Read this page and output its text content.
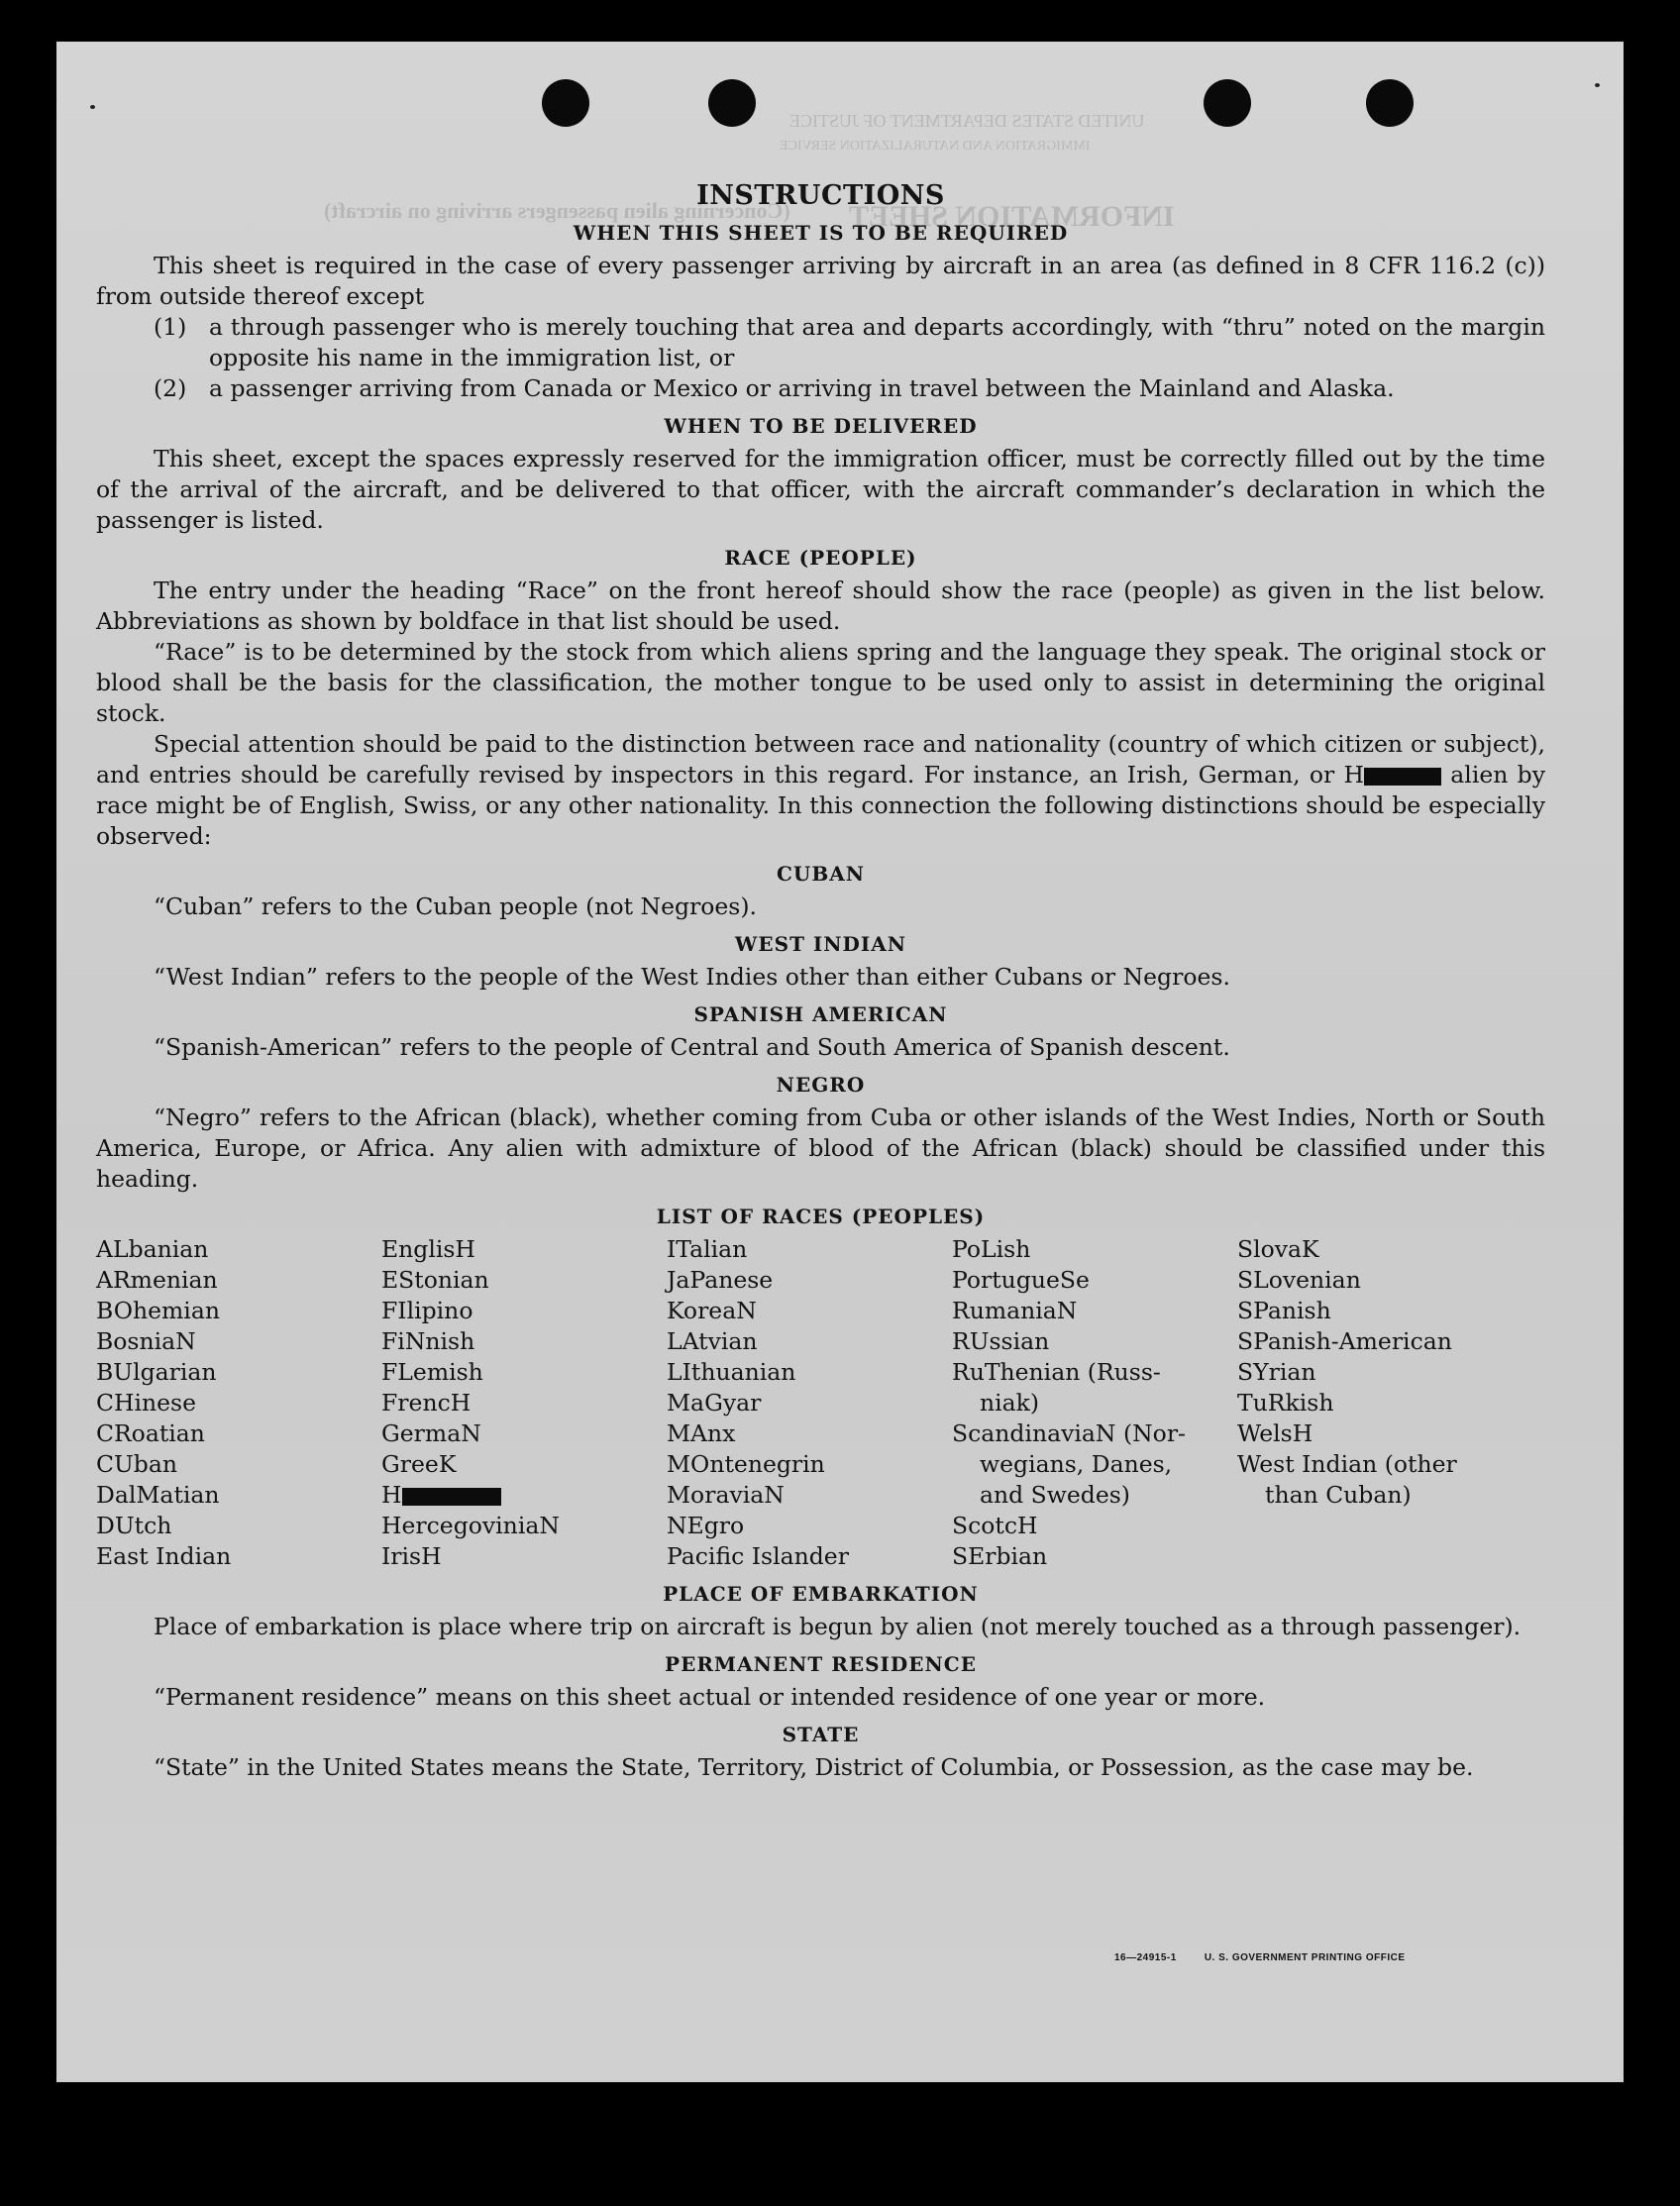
UNITED STATES DEPARTMENT OF JUSTICE
IMMIGRATION AND NATURALIZATION SERVICE
INFORMATION SHEET
(Concerning alien passengers arriving on aircraft)
INSTRUCTIONS
WHEN THIS SHEET IS TO BE REQUIRED

This sheet is required in the case of every passenger arriving by aircraft in an area (as defined in 8 CFR 116.2 (c)) from outside thereof except

(1) a through passenger who is merely touching that area and departs accordingly, with “thru” noted on the margin opposite his name in the immigration list, or
(2) a passenger arriving from Canada or Mexico or arriving in travel between the Mainland and Alaska.
WHEN TO BE DELIVERED

This sheet, except the spaces expressly reserved for the immigration officer, must be correctly filled out by the time of the arrival of the aircraft, and be delivered to that officer, with the aircraft commander’s declaration in which the passenger is listed.

RACE (PEOPLE)

The entry under the heading “Race” on the front hereof should show the race (people) as given in the list below. Abbreviations as shown by boldface in that list should be used.

“Race” is to be determined by the stock from which aliens spring and the language they speak. The original stock or blood shall be the basis for the classification, the mother tongue to be used only to assist in determining the original stock.

Special attention should be paid to the distinction between race and nationality (country of which citizen or subject), and entries should be carefully revised by inspectors in this regard. For instance, an Irish, German, or H	alien by race might be of English, Swiss, or any other nationality. In this connection the following distinctions should be especially observed:

CUBAN

“Cuban” refers to the Cuban people (not Negroes).

WEST INDIAN

“West Indian” refers to the people of the West Indies other than either Cubans or Negroes.

SPANISH AMERICAN

“Spanish-American” refers to the people of Central and South America of Spanish descent.

NEGRO

“Negro” refers to the African (black), whether coming from Cuba or other islands of the West Indies, North or South America, Europe, or Africa. Any alien with admixture of blood of the African (black) should be classified under this heading.

LIST OF RACES (PEOPLES)
ALbanian
ARmenian
BOhemian
BosniaN
BUlgarian
CHinese
CRoatian
CUban
DalMatian
DUtch
East Indian
EnglisH
EStonian
FIlipino
FiNnish
FLemish
FrencH
GermaN
GreeK
H
HercegoviniaN
IrisH
ITalian
JaPanese
KoreaN
LAtvian
LIthuanian
MaGyar
MAnx
MOntenegrin
MoraviaN
NEgro
Pacific Islander
PoLish
PortugueSe
RumaniaN
RUssian
RuThenian (Russ-
niak)
ScandinaviaN (Nor-
wegians, Danes,
and Swedes)
ScotcH
SErbian
SlovaK
SLovenian
SPanish
SPanish-American
SYrian
TuRkish
WelsH
West Indian (other
than Cuban)
PLACE OF EMBARKATION

Place of embarkation is place where trip on aircraft is begun by alien (not merely touched as a through passenger).

PERMANENT RESIDENCE

“Permanent residence” means on this sheet actual or intended residence of one year or more.

STATE

“State” in the United States means the State, Territory, District of Columbia, or Possession, as the case may be.

16—24915-1	U. S. GOVERNMENT PRINTING OFFICE
